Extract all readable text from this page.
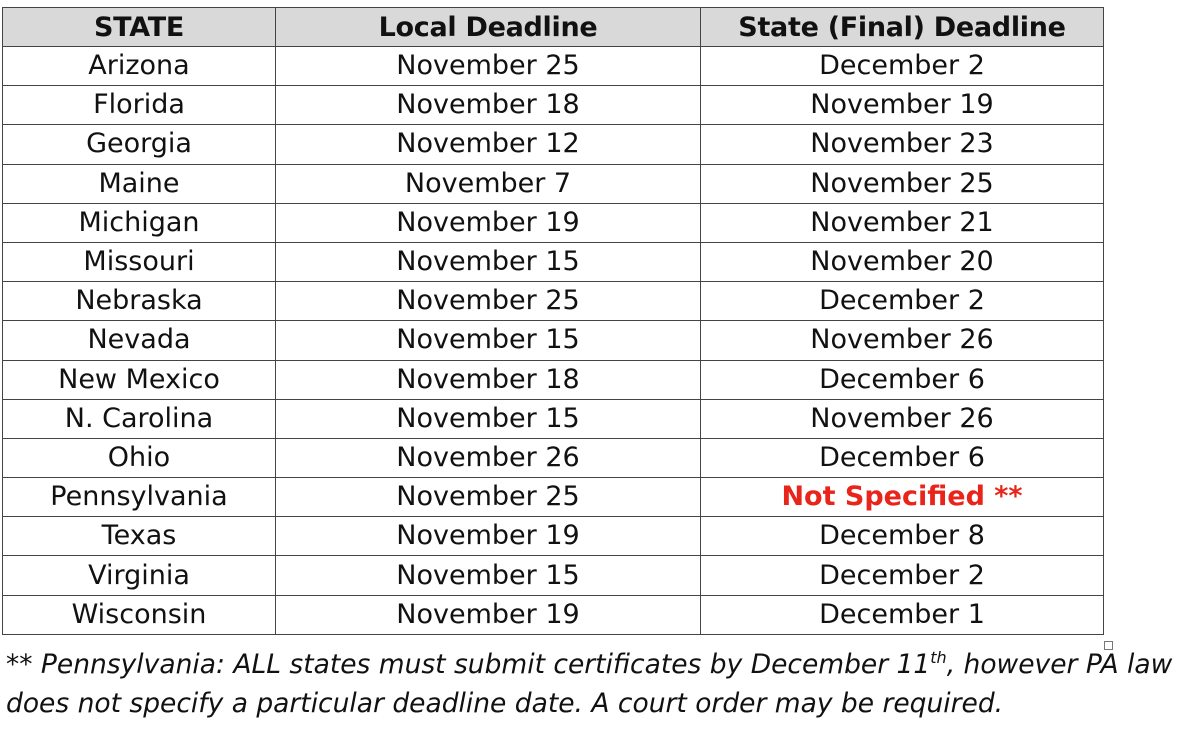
STATE	Local Deadline	State (Final) Deadline
Arizona	November 25	December 2
Florida	November 18	November 19
Georgia	November 12	November 23
Maine	November 7	November 25
Michigan	November 19	November 21
Missouri	November 15	November 20
Nebraska	November 25	December 2
Nevada	November 15	November 26
New Mexico	November 18	December 6
N. Carolina	November 15	November 26
Ohio	November 26	December 6
Pennsylvania	November 25	Not Specified **
Texas	November 19	December 8
Virginia	November 15	December 2
Wisconsin	November 19	December 1
** Pennsylvania: ALL states must submit certificates by December 11th, however PA law does not specify a particular deadline date. A court order may be required.
